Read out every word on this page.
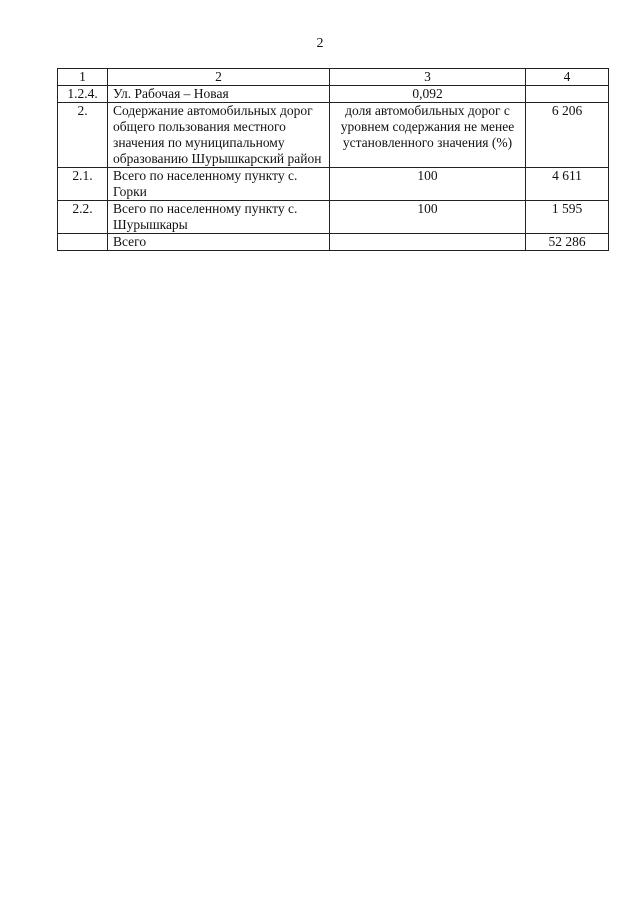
2
1	2	3	4
1.2.4.	Ул. Рабочая – Новая	0,092	
2.	Содержание автомобильных дорог общего пользования местного значения по муниципальному образованию Шурышкарский район	доля автомобильных дорог с уровнем содержания не менее установленного значения (%)	6 206
2.1.	Всего по населенному пункту с. Горки	100	4 611
2.2.	Всего по населенному пункту с. Шурышкары	100	1 595
	Всего		52 286
